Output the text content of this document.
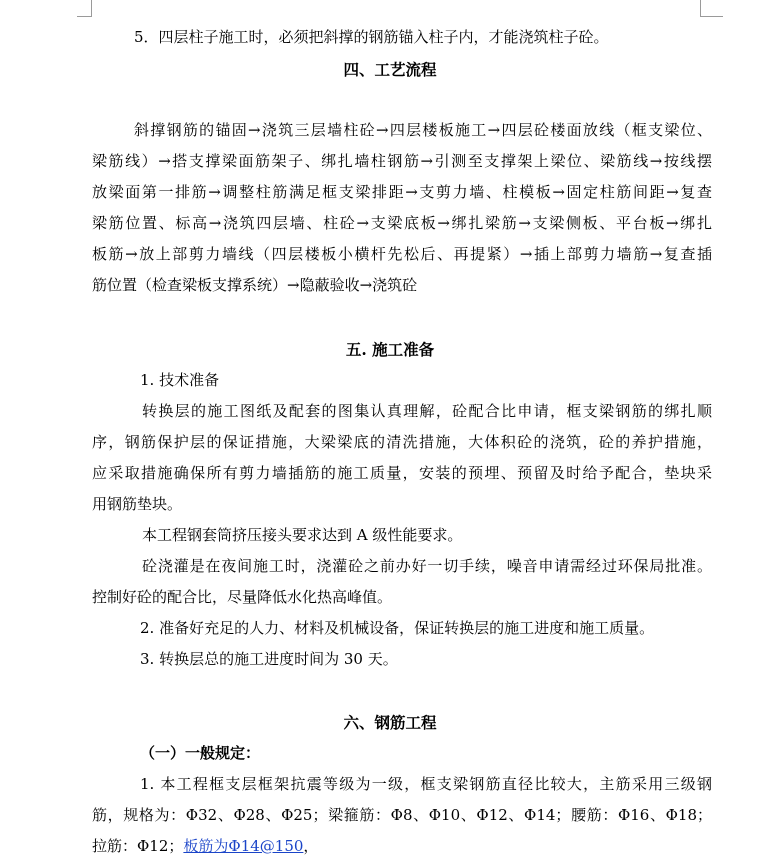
5．四层柱子施工时，必须把斜撑的钢筋锚入柱子内，才能浇筑柱子砼。
四、工艺流程
斜撑钢筋的锚固→浇筑三层墙柱砼→四层楼板施工→四层砼楼面放线（框支梁位、
梁筋线）→搭支撑梁面筋架子、绑扎墙柱钢筋→引测至支撑架上梁位、梁筋线→按线摆
放梁面第一排筋→调整柱筋满足框支梁排距→支剪力墙、柱模板→固定柱筋间距→复查
梁筋位置、标高→浇筑四层墙、柱砼→支梁底板→绑扎梁筋→支梁侧板、平台板→绑扎
板筋→放上部剪力墙线（四层楼板小横杆先松后、再提紧）→插上部剪力墙筋→复查插
筋位置（检查梁板支撑系统）→隐蔽验收→浇筑砼
五. 施工准备
1. 技术准备
转换层的施工图纸及配套的图集认真理解，砼配合比申请，框支梁钢筋的绑扎顺
序，钢筋保护层的保证措施，大梁梁底的清洗措施，大体积砼的浇筑，砼的养护措施，
应采取措施确保所有剪力墙插筋的施工质量，安装的预埋、预留及时给予配合，垫块采
用钢筋垫块。
本工程钢套筒挤压接头要求达到 A 级性能要求。
砼浇灌是在夜间施工时，浇灌砼之前办好一切手续，噪音申请需经过环保局批准。
控制好砼的配合比，尽量降低水化热高峰值。
2. 准备好充足的人力、材料及机械设备，保证转换层的施工进度和施工质量。
3. 转换层总的施工进度时间为 30 天。
六、钢筋工程
（一）一般规定：
1. 本工程框支层框架抗震等级为一级，框支梁钢筋直径比较大，主筋采用三级钢
筋，规格为：Φ32、Φ28、Φ25；梁箍筋：Φ8、Φ10、Φ12、Φ14；腰筋：Φ16、Φ18；
拉筋：Φ12；板筋为Φ14@150，
